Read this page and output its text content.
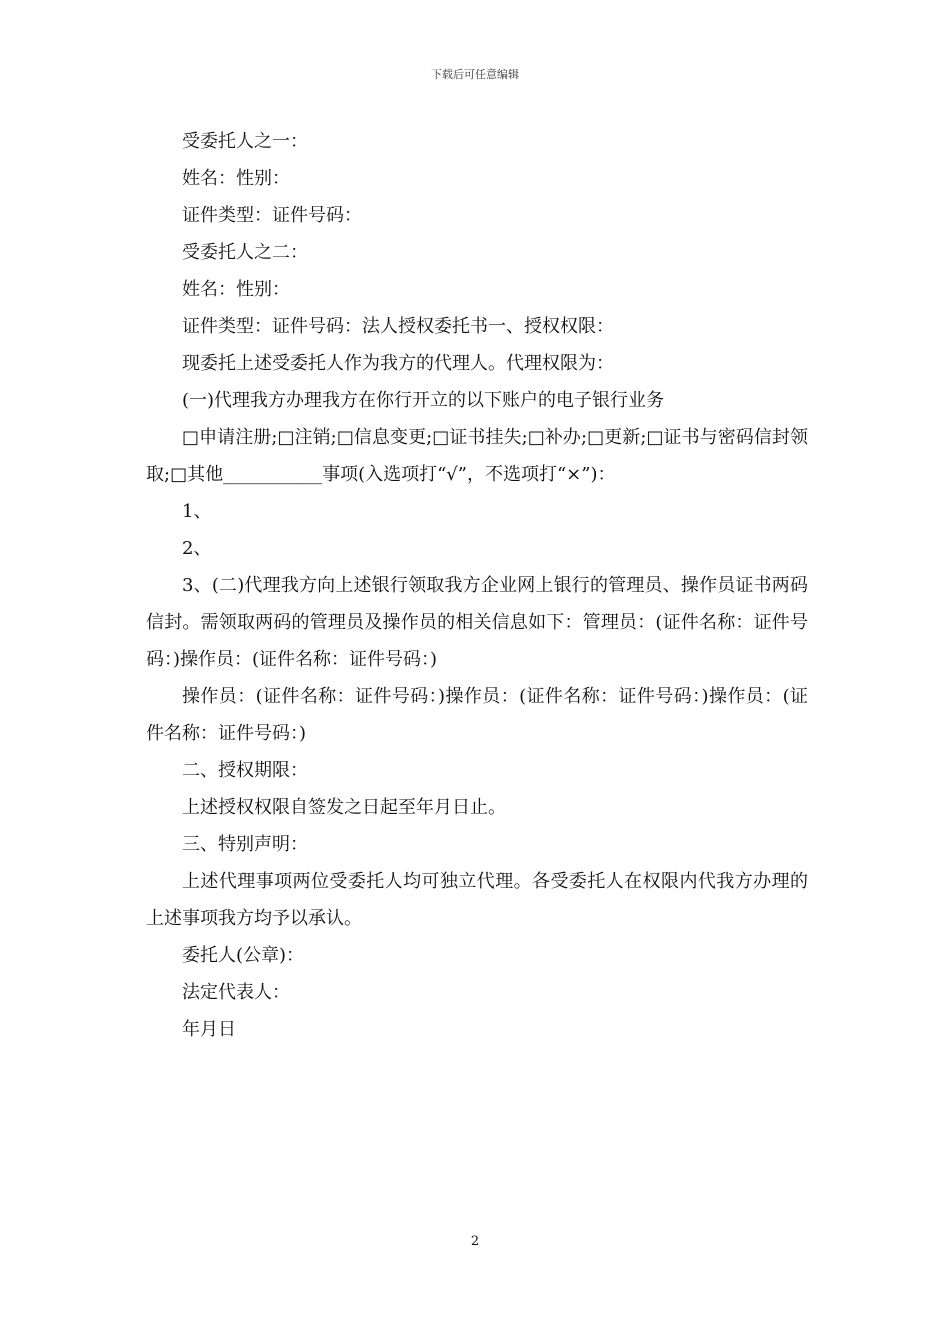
下载后可任意编辑

受委托人之一：

姓名：性别：

证件类型：证件号码：

受委托人之二：

姓名：性别：

证件类型：证件号码：法人授权委托书一、授权权限：

现委托上述受委托人作为我方的代理人。代理权限为：

(一)代理我方办理我方在你行开立的以下账户的电子银行业务

□申请注册;□注销;□信息变更;□证书挂失;□补办;□更新;□证书与密码信封领取;□其他___________事项(入选项打“√”，不选项打“×”)：

1、

2、

3、(二)代理我方向上述银行领取我方企业网上银行的管理员、操作员证书两码信封。需领取两码的管理员及操作员的相关信息如下：管理员：(证件名称：证件号码：)操作员：(证件名称：证件号码：)

操作员：(证件名称：证件号码：)操作员：(证件名称：证件号码：)操作员：(证件名称：证件号码：)

二、授权期限：

上述授权权限自签发之日起至年月日止。

三、特别声明：

上述代理事项两位受委托人均可独立代理。各受委托人在权限内代我方办理的上述事项我方均予以承认。

委托人(公章)：

法定代表人：

年月日

2
